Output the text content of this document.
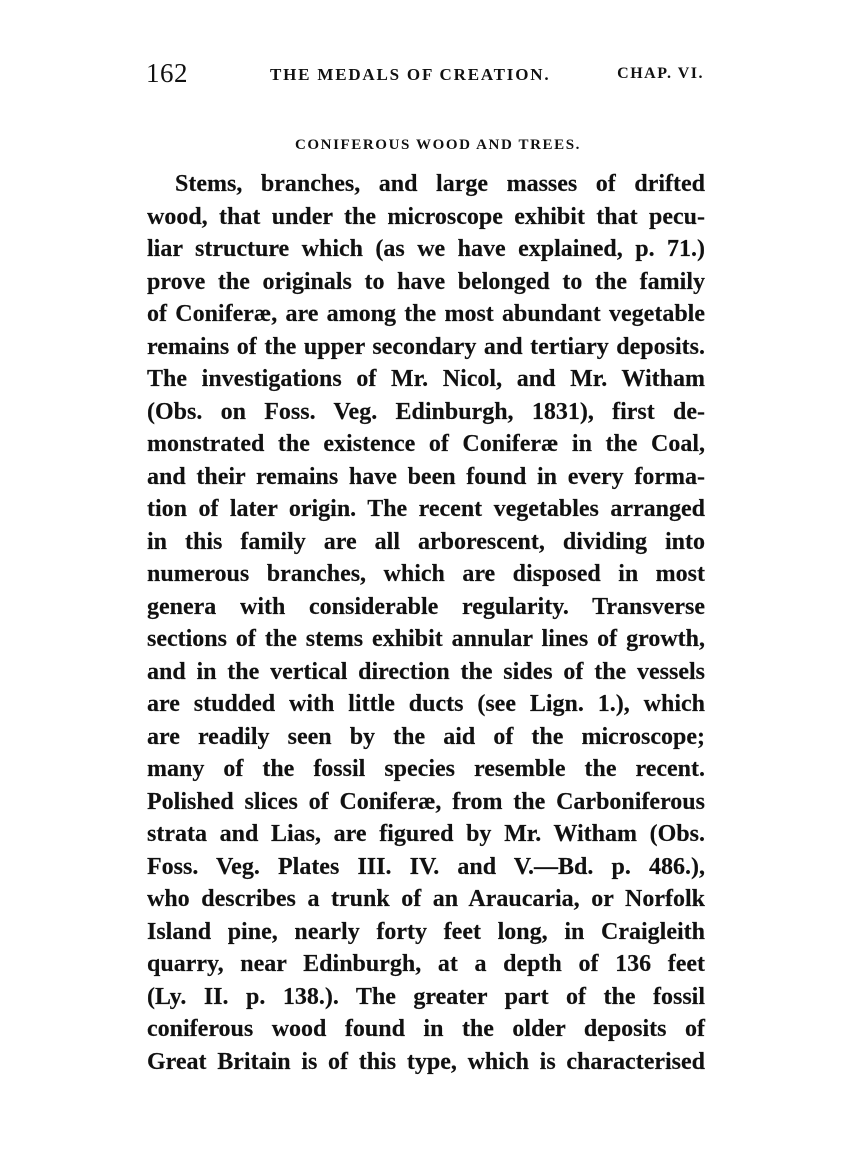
162	THE MEDALS OF CREATION.	CHAP. VI.
CONIFEROUS WOOD AND TREES.
Stems, branches, and large masses of drifted
wood, that under the microscope exhibit that pecu-
liar structure which (as we have explained, p. 71.)
prove the originals to have belonged to the family
of Coniferæ, are among the most abundant vegetable
remains of the upper secondary and tertiary deposits.
The investigations of Mr. Nicol, and Mr. Witham
(Obs. on Foss. Veg. Edinburgh, 1831), first de-
monstrated the existence of Coniferæ in the Coal,
and their remains have been found in every forma-
tion of later origin. The recent vegetables arranged
in this family are all arborescent, dividing into
numerous branches, which are disposed in most
genera with considerable regularity. Transverse
sections of the stems exhibit annular lines of growth,
and in the vertical direction the sides of the vessels
are studded with little ducts (see Lign. 1.), which
are readily seen by the aid of the microscope;
many of the fossil species resemble the recent.
Polished slices of Coniferæ, from the Carboniferous
strata and Lias, are figured by Mr. Witham (Obs.
Foss. Veg. Plates III. IV. and V.—Bd. p. 486.),
who describes a trunk of an Araucaria, or Norfolk
Island pine, nearly forty feet long, in Craigleith
quarry, near Edinburgh, at a depth of 136 feet
(Ly. II. p. 138.). The greater part of the fossil
coniferous wood found in the older deposits of
Great Britain is of this type, which is characterised
